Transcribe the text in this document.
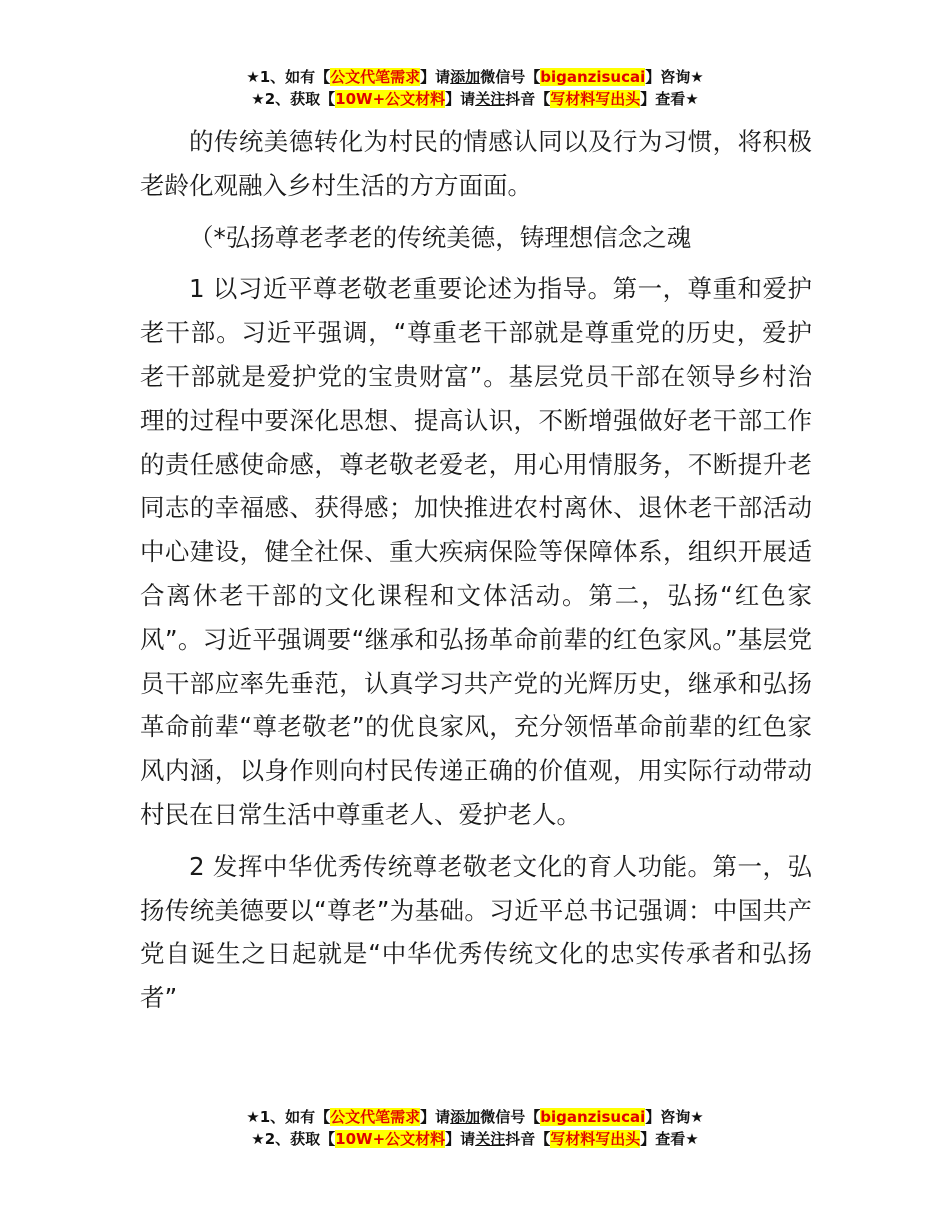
★1、如有【公文代笔需求】请添加微信号【biganzisucai】咨询★
★2、获取【10W+公文材料】请关注抖音【写材料写出头】查看★

的传统美德转化为村民的情感认同以及行为习惯，将积极老龄化观融入乡村生活的方方面面。

（*弘扬尊老孝老的传统美德，铸理想信念之魂

1 以习近平尊老敬老重要论述为指导。第一，尊重和爱护老干部。习近平强调，“尊重老干部就是尊重党的历史，爱护老干部就是爱护党的宝贵财富”。基层党员干部在领导乡村治理的过程中要深化思想、提高认识，不断增强做好老干部工作的责任感使命感，尊老敬老爱老，用心用情服务，不断提升老同志的幸福感、获得感；加快推进农村离休、退休老干部活动中心建设，健全社保、重大疾病保险等保障体系，组织开展适合离休老干部的文化课程和文体活动。第二，弘扬“红色家风”。习近平强调要“继承和弘扬革命前辈的红色家风。”基层党员干部应率先垂范，认真学习共产党的光辉历史，继承和弘扬革命前辈“尊老敬老”的优良家风，充分领悟革命前辈的红色家风内涵，以身作则向村民传递正确的价值观，用实际行动带动村民在日常生活中尊重老人、爱护老人。

2 发挥中华优秀传统尊老敬老文化的育人功能。第一，弘扬传统美德要以“尊老”为基础。习近平总书记强调：中国共产党自诞生之日起就是“中华优秀传统文化的忠实传承者和弘扬者”

★1、如有【公文代笔需求】请添加微信号【biganzisucai】咨询★
★2、获取【10W+公文材料】请关注抖音【写材料写出头】查看★
